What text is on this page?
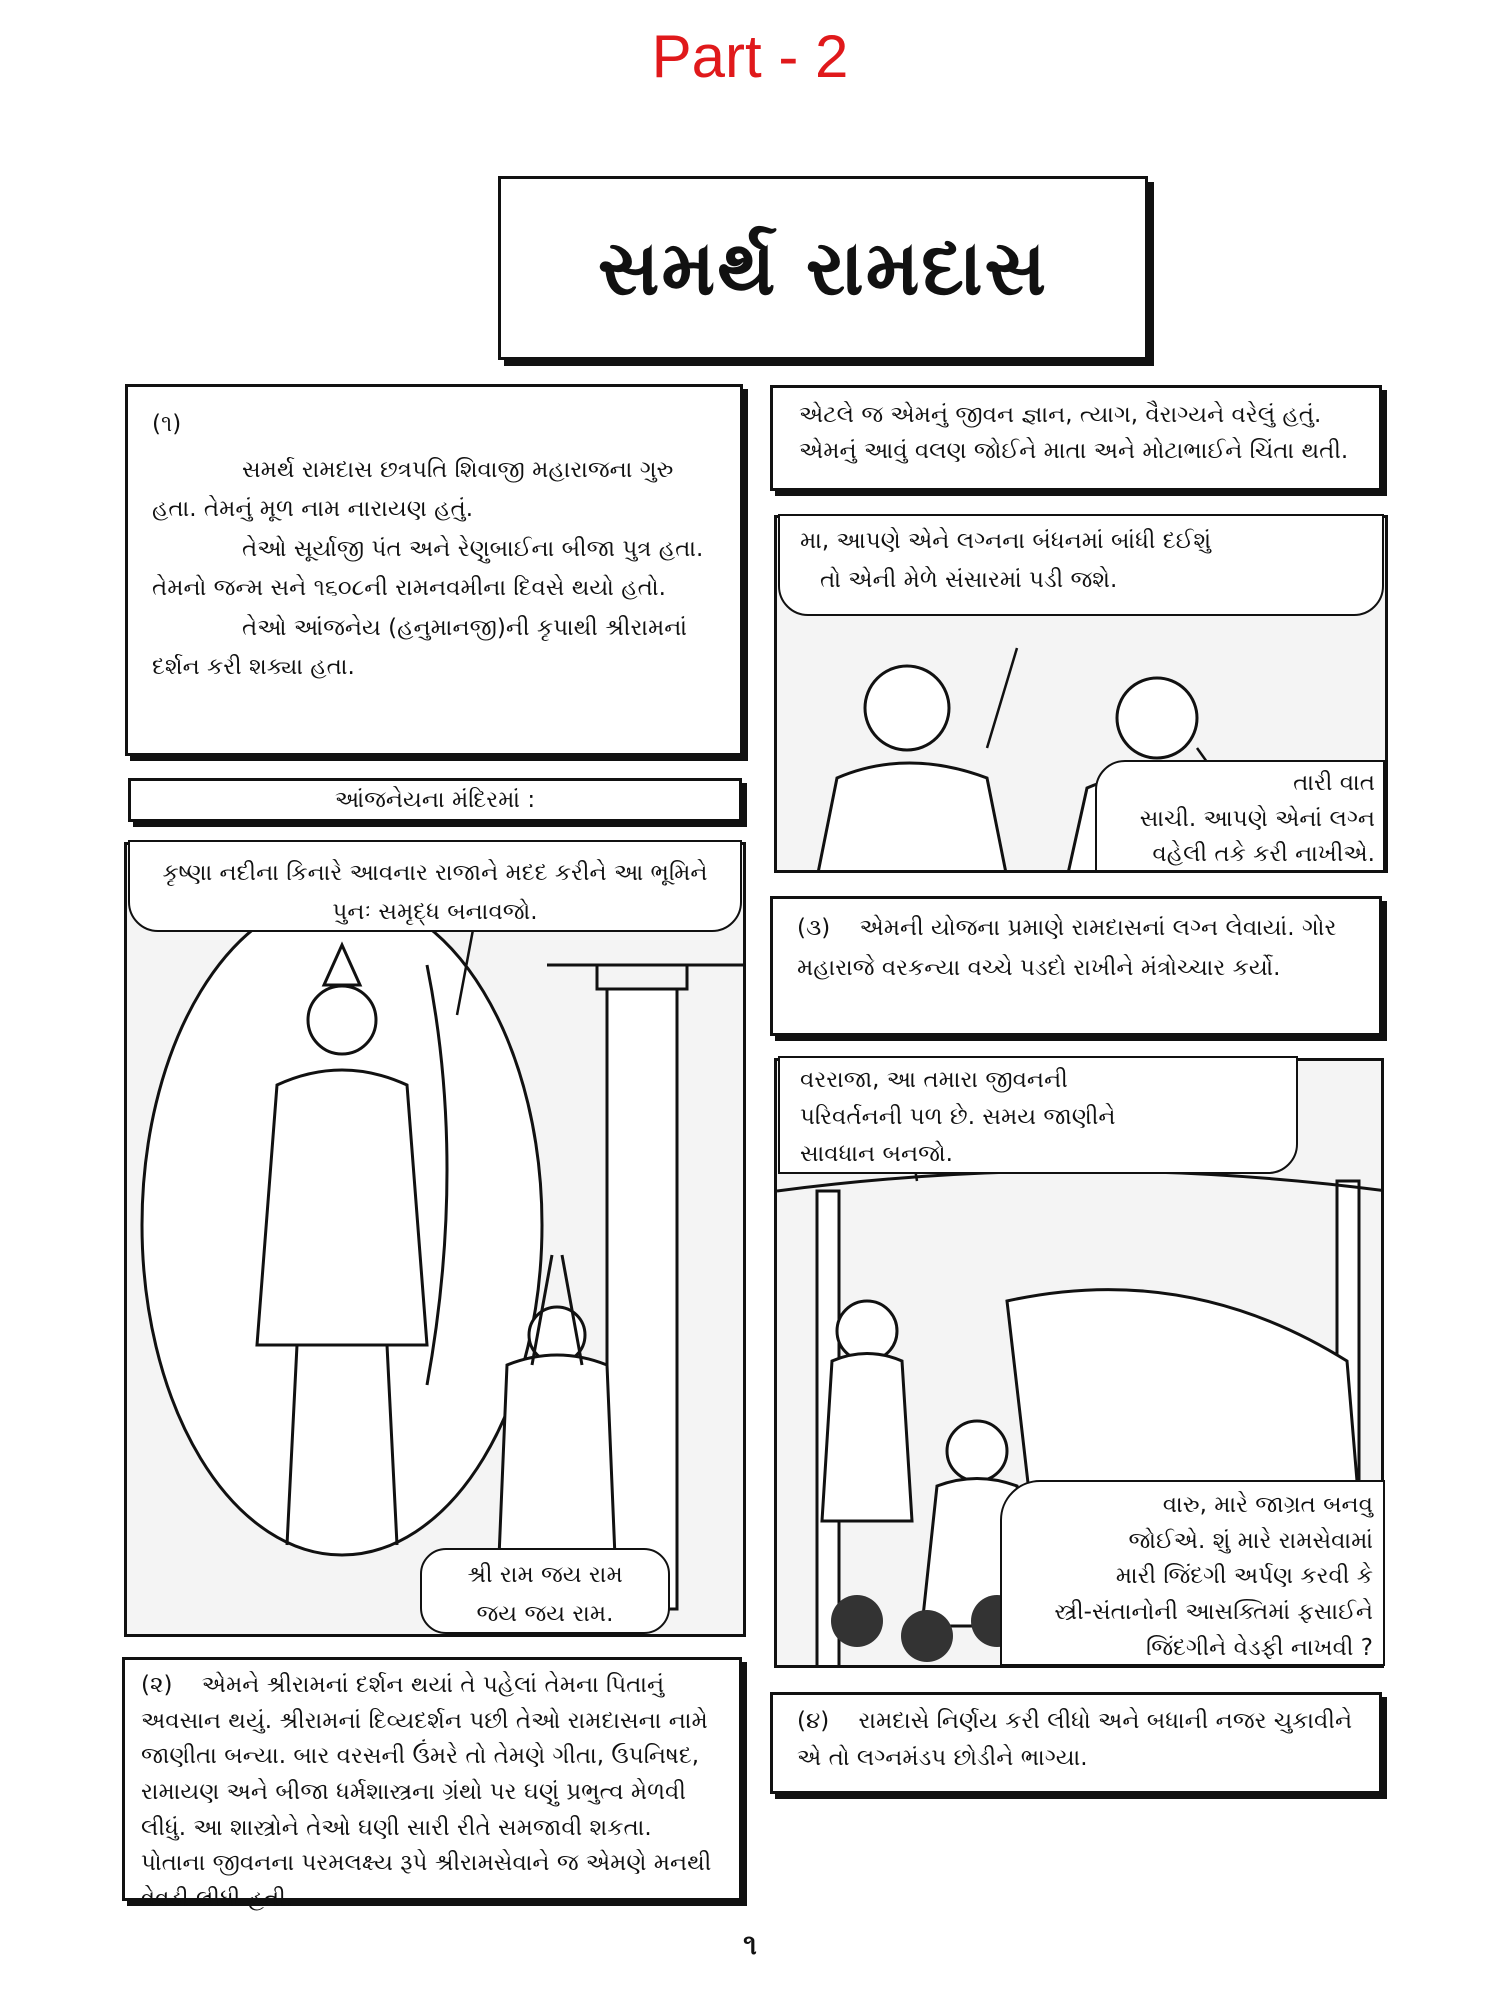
Part - 2
સમર્થ રામદાસ
(૧)

સમર્થ રામદાસ છત્રપતિ શિવાજી મહારાજના ગુરુ હતા. તેમનું મૂળ નામ નારાયણ હતું.

તેઓ સૂર્યાજી પંત અને રેણુબાઈના બીજા પુત્ર હતા. તેમનો જન્મ સને ૧૬૦૮ની રામનવમીના દિવસે થયો હતો.

તેઓ આંજનેય (હનુમાનજી)ની કૃપાથી શ્રીરામનાં દર્શન કરી શક્યા હતા.

આંજનેયના મંદિરમાં :
કૃષ્ણા નદીના કિનારે આવનાર રાજાને મદદ કરીને આ ભૂમિને પુનઃ સમૃદ્ધ બનાવજો.
શ્રી રામ જય રામ
જય જય રામ.

(૨) એમને શ્રીરામનાં દર્શન થયાં તે પહેલાં તેમના પિતાનું અવસાન થયું. શ્રીરામનાં દિવ્યદર્શન પછી તેઓ રામદાસના નામે જાણીતા બન્યા. બાર વરસની ઉંમરે તો તેમણે ગીતા, ઉપનિષદ, રામાયણ અને બીજા ધર્મશાસ્ત્રના ગ્રંથો પર ઘણું પ્રભુત્વ મેળવી લીધું. આ શાસ્ત્રોને તેઓ ઘણી સારી રીતે સમજાવી શકતા. પોતાના જીવનના પરમલક્ષ્ય રૂપે શ્રીરામસેવાને જ એમણે મનથી ત્રેવડી લીધી હતી.

એટલે જ એમનું જીવન જ્ઞાન, ત્યાગ, વૈરાગ્યને વરેલું હતું. એમનું આવું વલણ જોઈને માતા અને મોટાભાઈને ચિંતા થતી.
મા, આપણે એને લગ્નના બંધનમાં બાંધી દઈશું
તો એની મેળે સંસારમાં પડી જશે.
તારી વાત
સાચી. આપણે એનાં લગ્ન
વહેલી તકે કરી નાખીએ.

(૩) એમની યોજના પ્રમાણે રામદાસનાં લગ્ન લેવાયાં. ગોર મહારાજે વરકન્યા વચ્ચે પડદો રાખીને મંત્રોચ્ચાર કર્યો.

વરરાજા, આ તમારા જીવનની
પરિવર્તનની પળ છે. સમય જાણીને
સાવધાન બનજો.
વારુ, મારે જાગ્રત બનવુ
જોઈએ. શું મારે રામસેવામાં
મારી જિંદગી અર્પણ કરવી કે
સ્ત્રી-સંતાનોની આસક્તિમાં ફસાઈને
જિંદગીને વેડફી નાખવી ?

(૪) રામદાસે નિર્ણય કરી લીધો અને બધાની નજર ચુકાવીને એ તો લગ્નમંડપ છોડીને ભાગ્યા.

૧
